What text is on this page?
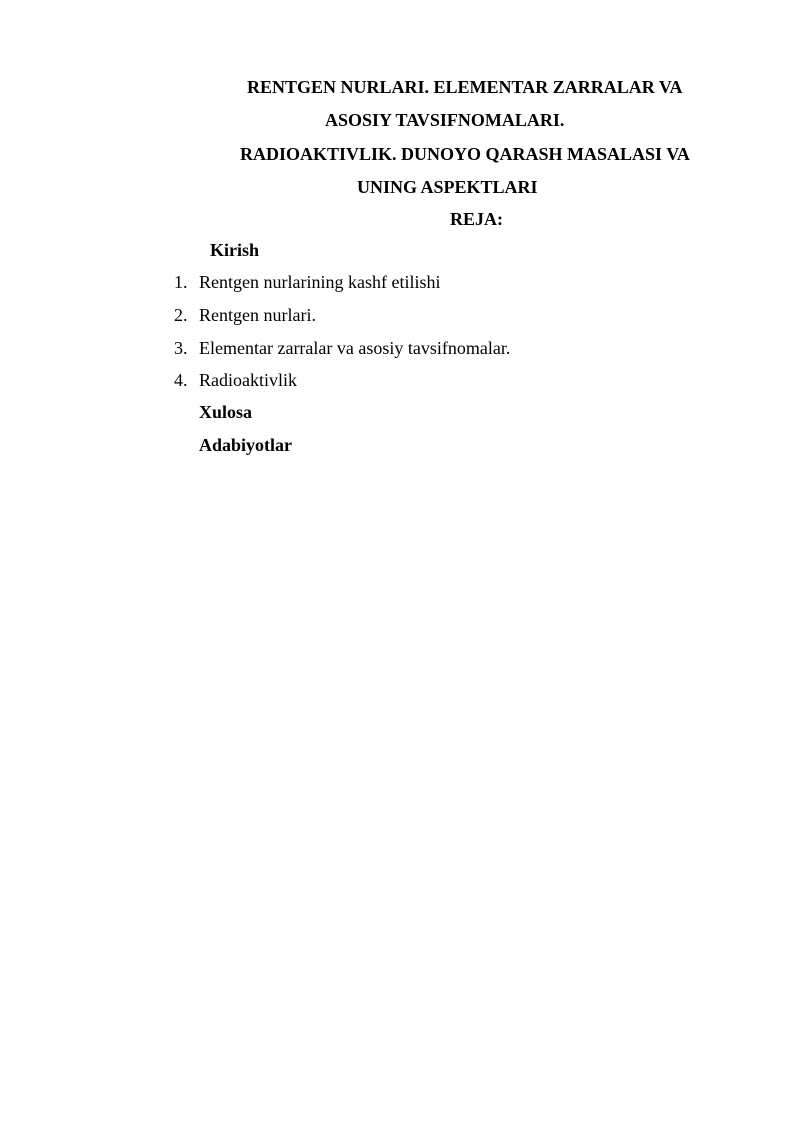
RENTGEN NURLARI. ELEMENTAR ZARRALAR VA
ASOSIY TAVSIFNOMALARI.
RADIOAKTIVLIK. DUNOYO QARASH MASALASI VA
UNING ASPEKTLARI
REJA:
Kirish
1. Rentgen nurlarining kashf etilishi
2. Rentgen nurlari.
3. Elementar zarralar va asosiy tavsifnomalar.
4. Radioaktivlik
Xulosa
Adabiyotlar
